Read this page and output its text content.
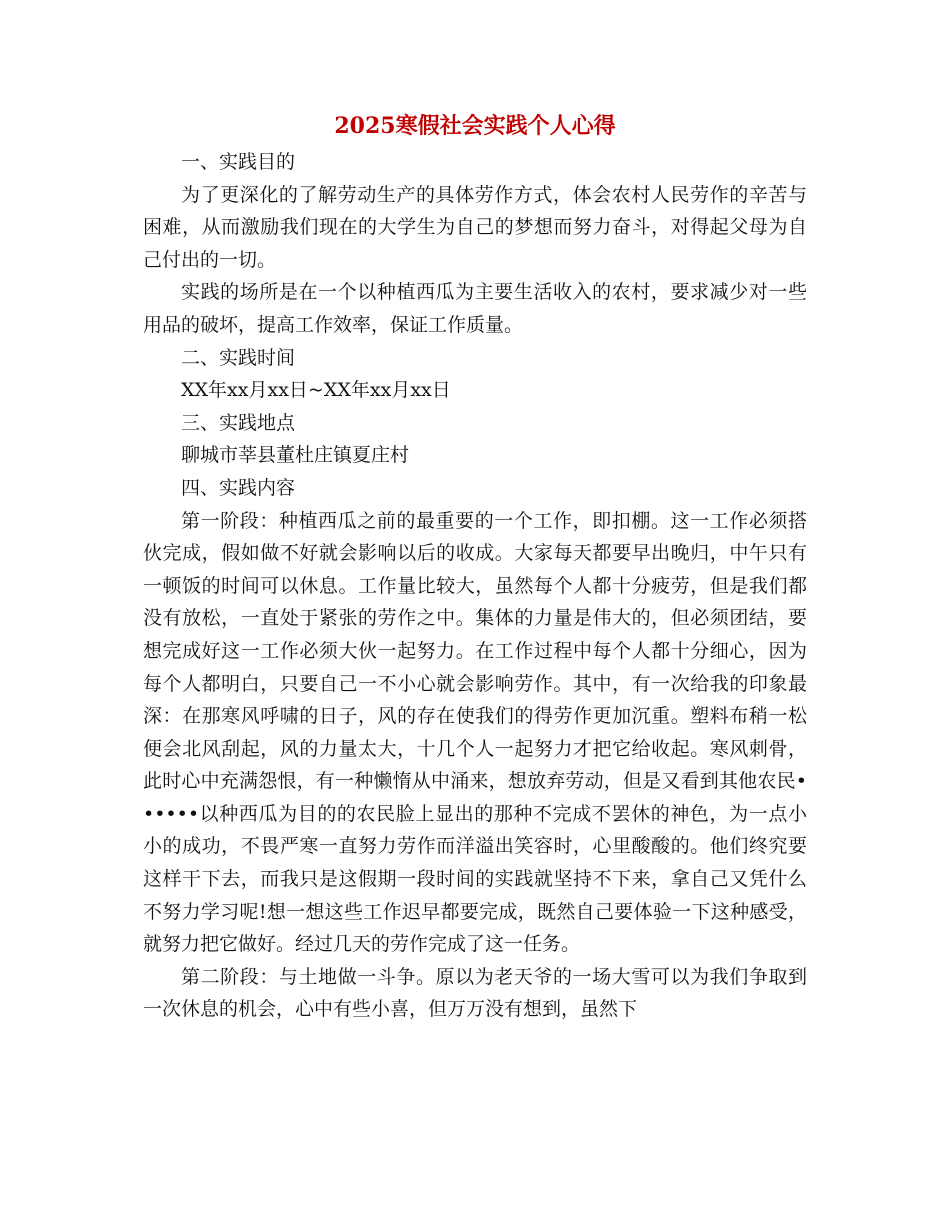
2025寒假社会实践个人心得

一、实践目的

为了更深化的了解劳动生产的具体劳作方式，体会农村人民劳作的辛苦与困难，从而激励我们现在的大学生为自己的梦想而努力奋斗，对得起父母为自己付出的一切。

实践的场所是在一个以种植西瓜为主要生活收入的农村，要求减少对一些用品的破坏，提高工作效率，保证工作质量。

二、实践时间

XX年xx月xx日~XX年xx月xx日

三、实践地点

聊城市莘县董杜庄镇夏庄村

四、实践内容

第一阶段：种植西瓜之前的最重要的一个工作，即扣棚。这一工作必须搭伙完成，假如做不好就会影响以后的收成。大家每天都要早出晚归，中午只有一顿饭的时间可以休息。工作量比较大，虽然每个人都十分疲劳，但是我们都没有放松，一直处于紧张的劳作之中。集体的力量是伟大的，但必须团结，要想完成好这一工作必须大伙一起努力。在工作过程中每个人都十分细心，因为每个人都明白，只要自己一不小心就会影响劳作。其中，有一次给我的印象最深：在那寒风呼啸的日子，风的存在使我们的得劳作更加沉重。塑料布稍一松便会北风刮起，风的力量太大，十几个人一起努力才把它给收起。寒风刺骨，此时心中充满怨恨，有一种懒惰从中涌来，想放弃劳动，但是又看到其他农民••••••以种西瓜为目的的农民脸上显出的那种不完成不罢休的神色，为一点小小的成功，不畏严寒一直努力劳作而洋溢出笑容时，心里酸酸的。他们终究要这样干下去，而我只是这假期一段时间的实践就坚持不下来，拿自己又凭什么不努力学习呢!想一想这些工作迟早都要完成，既然自己要体验一下这种感受，就努力把它做好。经过几天的劳作完成了这一任务。

第二阶段：与土地做一斗争。原以为老天爷的一场大雪可以为我们争取到一次休息的机会，心中有些小喜，但万万没有想到，虽然下
